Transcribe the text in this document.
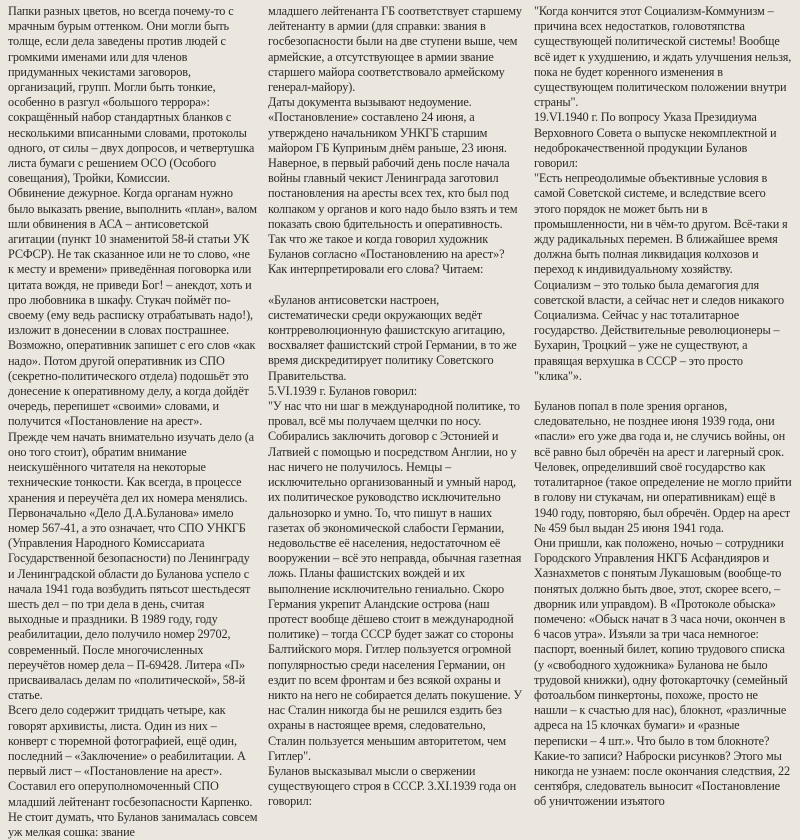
Папки разных цветов, но всегда почему-то с мрачным бурым оттенком. Они могли быть толще, если дела заведены против людей с громкими именами или для членов придуманных чекистами заговоров, организаций, групп. Могли быть тонкие, особенно в разгул «большого террора»: сокращённый набор стандартных бланков с несколькими вписанными словами, протоколы одного, от силы – двух допросов, и четвертушка листа бумаги с решением ОСО (Особого совещания), Тройки, Комиссии.

Обвинение дежурное. Когда органам нужно было выказать рвение, выполнить «план», валом шли обвинения в АСА – антисоветской агитации (пункт 10 знаменитой 58-й статьи УК РСФСР). Не так сказанное или не то слово, «не к месту и времени» приведённая поговорка или цитата вождя, не приведи Бог! – анекдот, хоть и про любовника в шкафу. Стукач поймёт по-своему (ему ведь расписку отрабатывать надо!), изложит в донесении в словах пострашнее. Возможно, оперативник запишет с его слов «как надо». Потом другой оперативник из СПО (секретно-политического отдела) подошьёт это донесение к оперативному делу, а когда дойдёт очередь, перепишет «своими» словами, и получится «Постановление на арест».

Прежде чем начать внимательно изучать дело (а оно того стоит), обратим внимание неискушённого читателя на некоторые технические тонкости. Как всегда, в процессе хранения и переучёта дел их номера менялись. Первоначально «Дело Д.А.Буланова» имело номер 567-41, а это означает, что СПО УНКГБ (Управления Народного Комиссариата Государственной безопасности) по Ленинграду и Ленинградской области до Буланова успело с начала 1941 года возбудить пятьсот шестьдесят шесть дел – по три дела в день, считая выходные и праздники. В 1989 году, году реабилитации, дело получило номер 29702, современный. После многочисленных переучётов номер дела – П-69428. Литера «П» присваивалась делам по «политической», 58-й статье.

Всего дело содержит тридцать четыре, как говорят архивисты, листа. Один из них – конверт с тюремной фотографией, ещё один, последний – «Заключение» о реабилитации. А первый лист – «Постановление на арест». Составил его оперуполномоченный СПО младший лейтенант госбезопасности Карпенко. Не стоит думать, что Буланов занималась совсем уж мелкая сошка: звание

младшего лейтенанта ГБ соответствует старшему лейтенанту в армии (для справки: звания в госбезопасности были на две ступени выше, чем армейские, а отсутствующее в армии звание старшего майора соответствовало армейскому генерал-майору).

Даты документа вызывают недоумение. «Постановление» составлено 24 июня, а утверждено начальником УНКГБ старшим майором ГБ Куприным днём раньше, 23 июня. Наверное, в первый рабочий день после начала войны главный чекист Ленинграда заготовил постановления на аресты всех тех, кто был под колпаком у органов и кого надо было взять и тем показать свою бдительность и оперативность.

Так что же такое и когда говорил художник Буланов согласно «Постановлению на арест»? Как интерпретировали его слова? Читаем:

«Буланов антисоветски настроен, систематически среди окружающих ведёт контрреволюционную фашистскую агитацию, восхваляет фашистский строй Германии, в то же время дискредитирует политику Советского Правительства.

5.VI.1939 г. Буланов говорил:

"У нас что ни шаг в международной политике, то провал, всё мы получаем щелчки по носу. Собирались заключить договор с Эстонией и Латвией с помощью и посредством Англии, но у нас ничего не получилось. Немцы – исключительно организованный и умный народ, их политическое руководство исключительно дальнозорко и умно. То, что пишут в наших газетах об экономической слабости Германии, недовольстве её населения, недостаточном её вооружении – всё это неправда, обычная газетная ложь. Планы фашистских вождей и их выполнение исключительно гениально. Скоро Германия укрепит Аландские острова (наш протест вообще дёшево стоит в международной политике) – тогда СССР будет зажат со стороны Балтийского моря. Гитлер пользуется огромной популярностью среди населения Германии, он ездит по всем фронтам и без всякой охраны и никто на него не собирается делать покушение. У нас Сталин никогда бы не решился ездить без охраны в настоящее время, следовательно, Сталин пользуется меньшим авторитетом, чем Гитлер".

Буланов высказывал мысли о свержении существующего строя в СССР. 3.XI.1939 года он говорил:

"Когда кончится этот Социализм-Коммунизм – причина всех недостатков, головотяпства существующей политической системы! Вообще всё идет к ухудшению, и ждать улучшения нельзя, пока не будет коренного изменения в существующем политическом положении внутри страны".

19.VI.1940 г. По вопросу Указа Президиума Верховного Совета о выпуске некомплектной и недоброкачественной продукции Буланов говорил:

"Есть непреодолимые объективные условия в самой Советской системе, и вследствие всего этого порядок не может быть ни в промышленности, ни в чём-то другом. Всё-таки я жду радикальных перемен. В ближайшее время должна быть полная ликвидация колхозов и переход к индивидуальному хозяйству. Социализм – это только была демагогия для советской власти, а сейчас нет и следов никакого Социализма. Сейчас у нас тоталитарное государство. Действительные революционеры – Бухарин, Троцкий – уже не существуют, а правящая верхушка в СССР – это просто "клика"».

Буланов попал в поле зрения органов, следовательно, не позднее июня 1939 года, они «пасли» его уже два года и, не случись войны, он всё равно был обречён на арест и лагерный срок. Человек, определивший своё государство как тоталитарное (такое определение не могло прийти в голову ни стукачам, ни оперативникам) ещё в 1940 году, повторяю, был обречён. Ордер на арест № 459 был выдан 25 июня 1941 года.

Они пришли, как положено, ночью – сотрудники Городского Управления НКГБ Асфандияров и Хазнахметов с понятым Лукашовым (вообще-то понятых должно быть двое, этот, скорее всего, – дворник или управдом). В «Протоколе обыска» помечено: «Обыск начат в 3 часа ночи, окончен в 6 часов утра». Изъяли за три часа немногое: паспорт, военный билет, копию трудового списка (у «свободного художника» Буланова не было трудовой книжки), одну фотокарточку (семейный фотоальбом пинкертоны, похоже, просто не нашли – к счастью для нас), блокнот, «различные адреса на 15 клочках бумаги» и «разные переписки – 4 шт.». Что было в том блокноте? Какие-то записи? Наброски рисунков? Этого мы никогда не узнаем: после окончания следствия, 22 сентября, следователь выносит «Постановление об уничтожении изъятого
